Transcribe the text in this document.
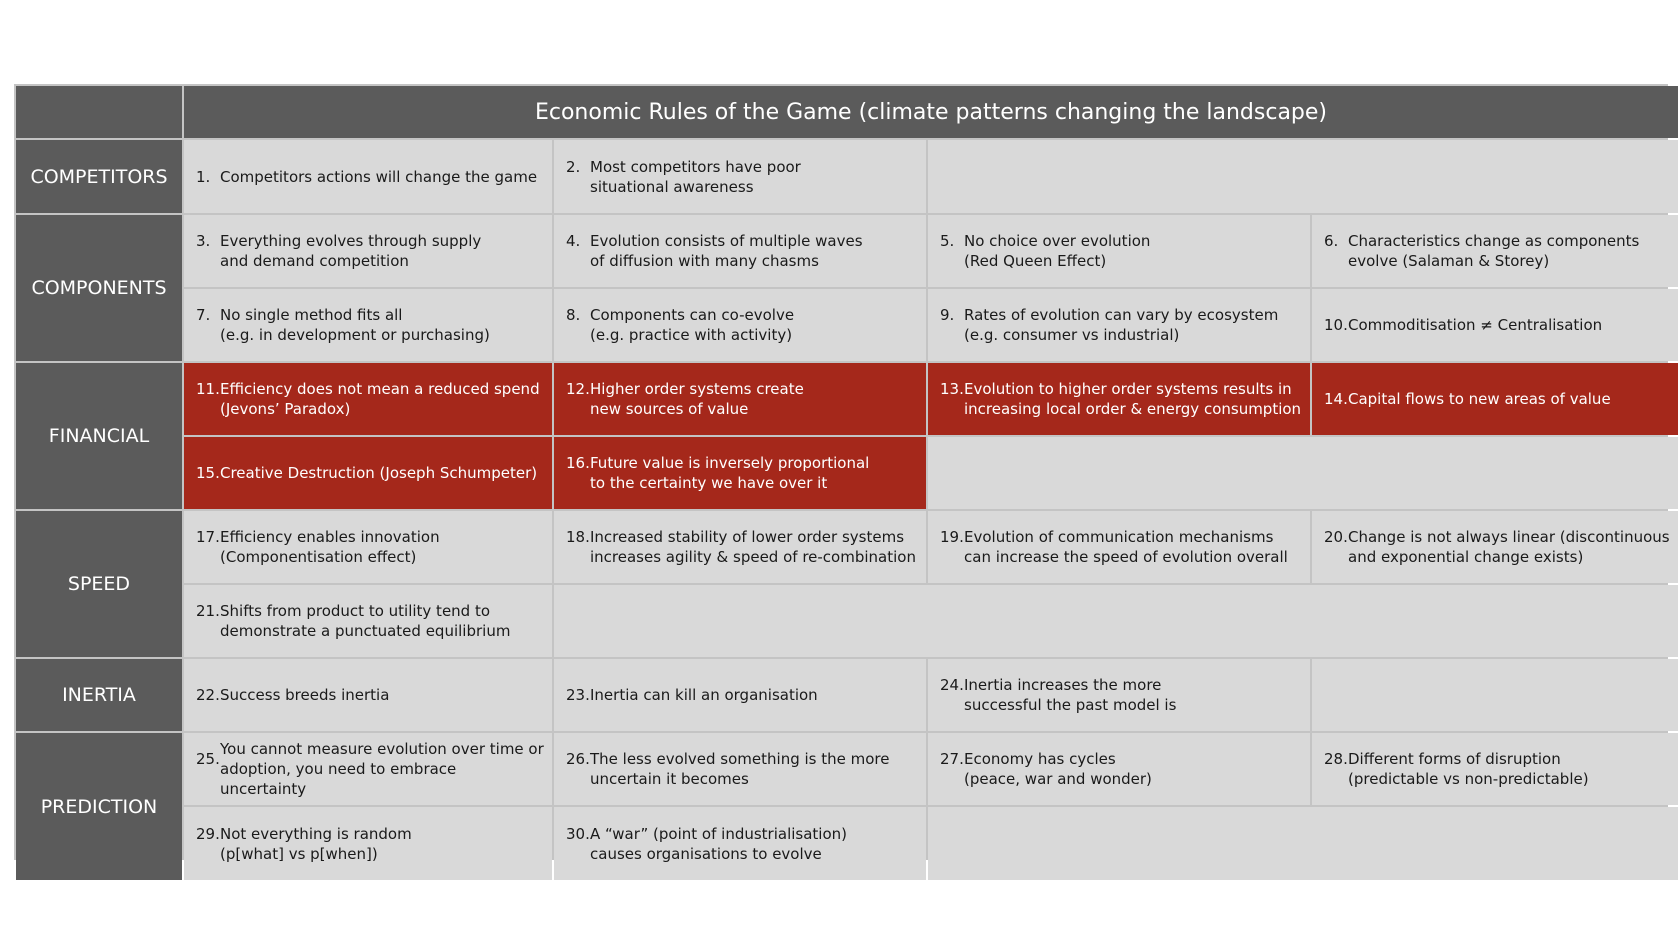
Economic Rules of the Game (climate patterns changing the landscape)
COMPETITORS
COMPONENTS
FINANCIAL
SPEED
INERTIA
PREDICTION
1. Competitors actions will change the game
2. Most competitors have poor
situational awareness
3. Everything evolves through supply
and demand competition
4. Evolution consists of multiple waves
of diffusion with many chasms
5. No choice over evolution
(Red Queen Effect)
6. Characteristics change as components
evolve (Salaman & Storey)
7. No single method fits all
(e.g. in development or purchasing)
8. Components can co-evolve
(e.g. practice with activity)
9. Rates of evolution can vary by ecosystem
(e.g. consumer vs industrial)
10. Commoditisation ≠ Centralisation
11. Efficiency does not mean a reduced spend
(Jevons’ Paradox)
12. Higher order systems create
new sources of value
13. Evolution to higher order systems results in
increasing local order & energy consumption
14. Capital flows to new areas of value
15. Creative Destruction (Joseph Schumpeter)
16. Future value is inversely proportional
to the certainty we have over it
17. Efficiency enables innovation
(Componentisation effect)
18. Increased stability of lower order systems
increases agility & speed of re-combination
19. Evolution of communication mechanisms
can increase the speed of evolution overall
20. Change is not always linear (discontinuous
and exponential change exists)
21. Shifts from product to utility tend to
demonstrate a punctuated equilibrium
22. Success breeds inertia	23. Inertia can kill an organisation
24. Inertia increases the more
successful the past model is
25.
You cannot measure evolution over time or
adoption, you need to embrace uncertainty
26. The less evolved something is the more
uncertain it becomes
27. Economy has cycles
(peace, war and wonder)
28. Different forms of disruption
(predictable vs non-predictable)
29. Not everything is random
(p[what] vs p[when])
30. A “war” (point of industrialisation)
causes organisations to evolve
